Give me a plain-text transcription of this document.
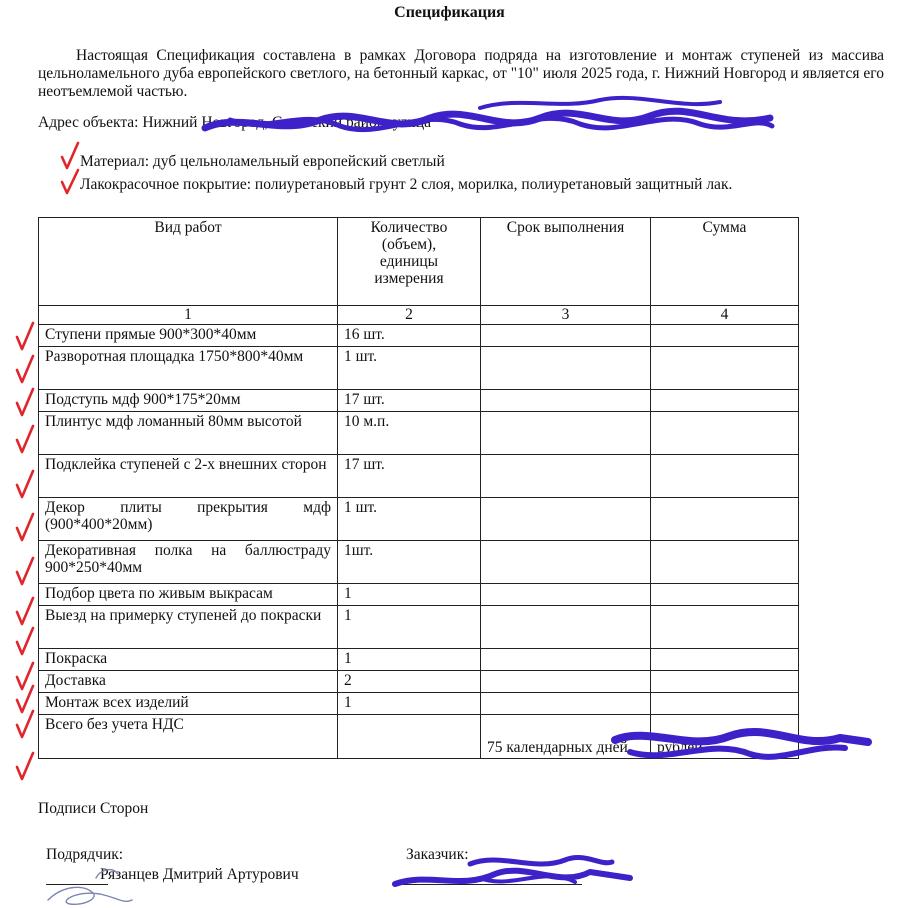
Спецификация
Настоящая Спецификация составлена в рамках Договора подряда на изготовление и монтаж ступеней из массива цельноламельного дуба европейского светлого, на бетонный каркас, от "10" июля 2025 года, г. Нижний Новгород и является его неотъемлемой частью.
Адрес объекта: Нижний Новгород, Советский район, улица
Материал: дуб цельноламельный европейский светлый
Лакокрасочное покрытие: полиуретановый грунт 2 слоя, морилка, полиуретановый защитный лак.
Вид работ	Количество (объем), единицы измерения	Срок выполнения	Сумма
1	2	3	4
Ступени прямые 900*300*40мм	16 шт.		
Разворотная площадка 1750*800*40мм	1 шт.		
Подступь мдф 900*175*20мм	17 шт.		
Плинтус мдф ломанный 80мм высотой	10 м.п.		
Подклейка ступеней с 2-х внешних сторон	17 шт.		
Декор плиты прекрытия мдф (900*400*20мм)	1 шт.		
Декоративная полка на баллюстраду 900*250*40мм	1шт.		
Подбор цвета по живым выкрасам	1		
Выезд на примерку ступеней до покраски	1		
Покраска	1		
Доставка	2		
Монтаж всех изделий	1		
Всего без учета НДС		75 календарных дней	рублей
Подписи Сторон
Подрядчик:
Рязанцев Дмитрий Артурович
Заказчик:
